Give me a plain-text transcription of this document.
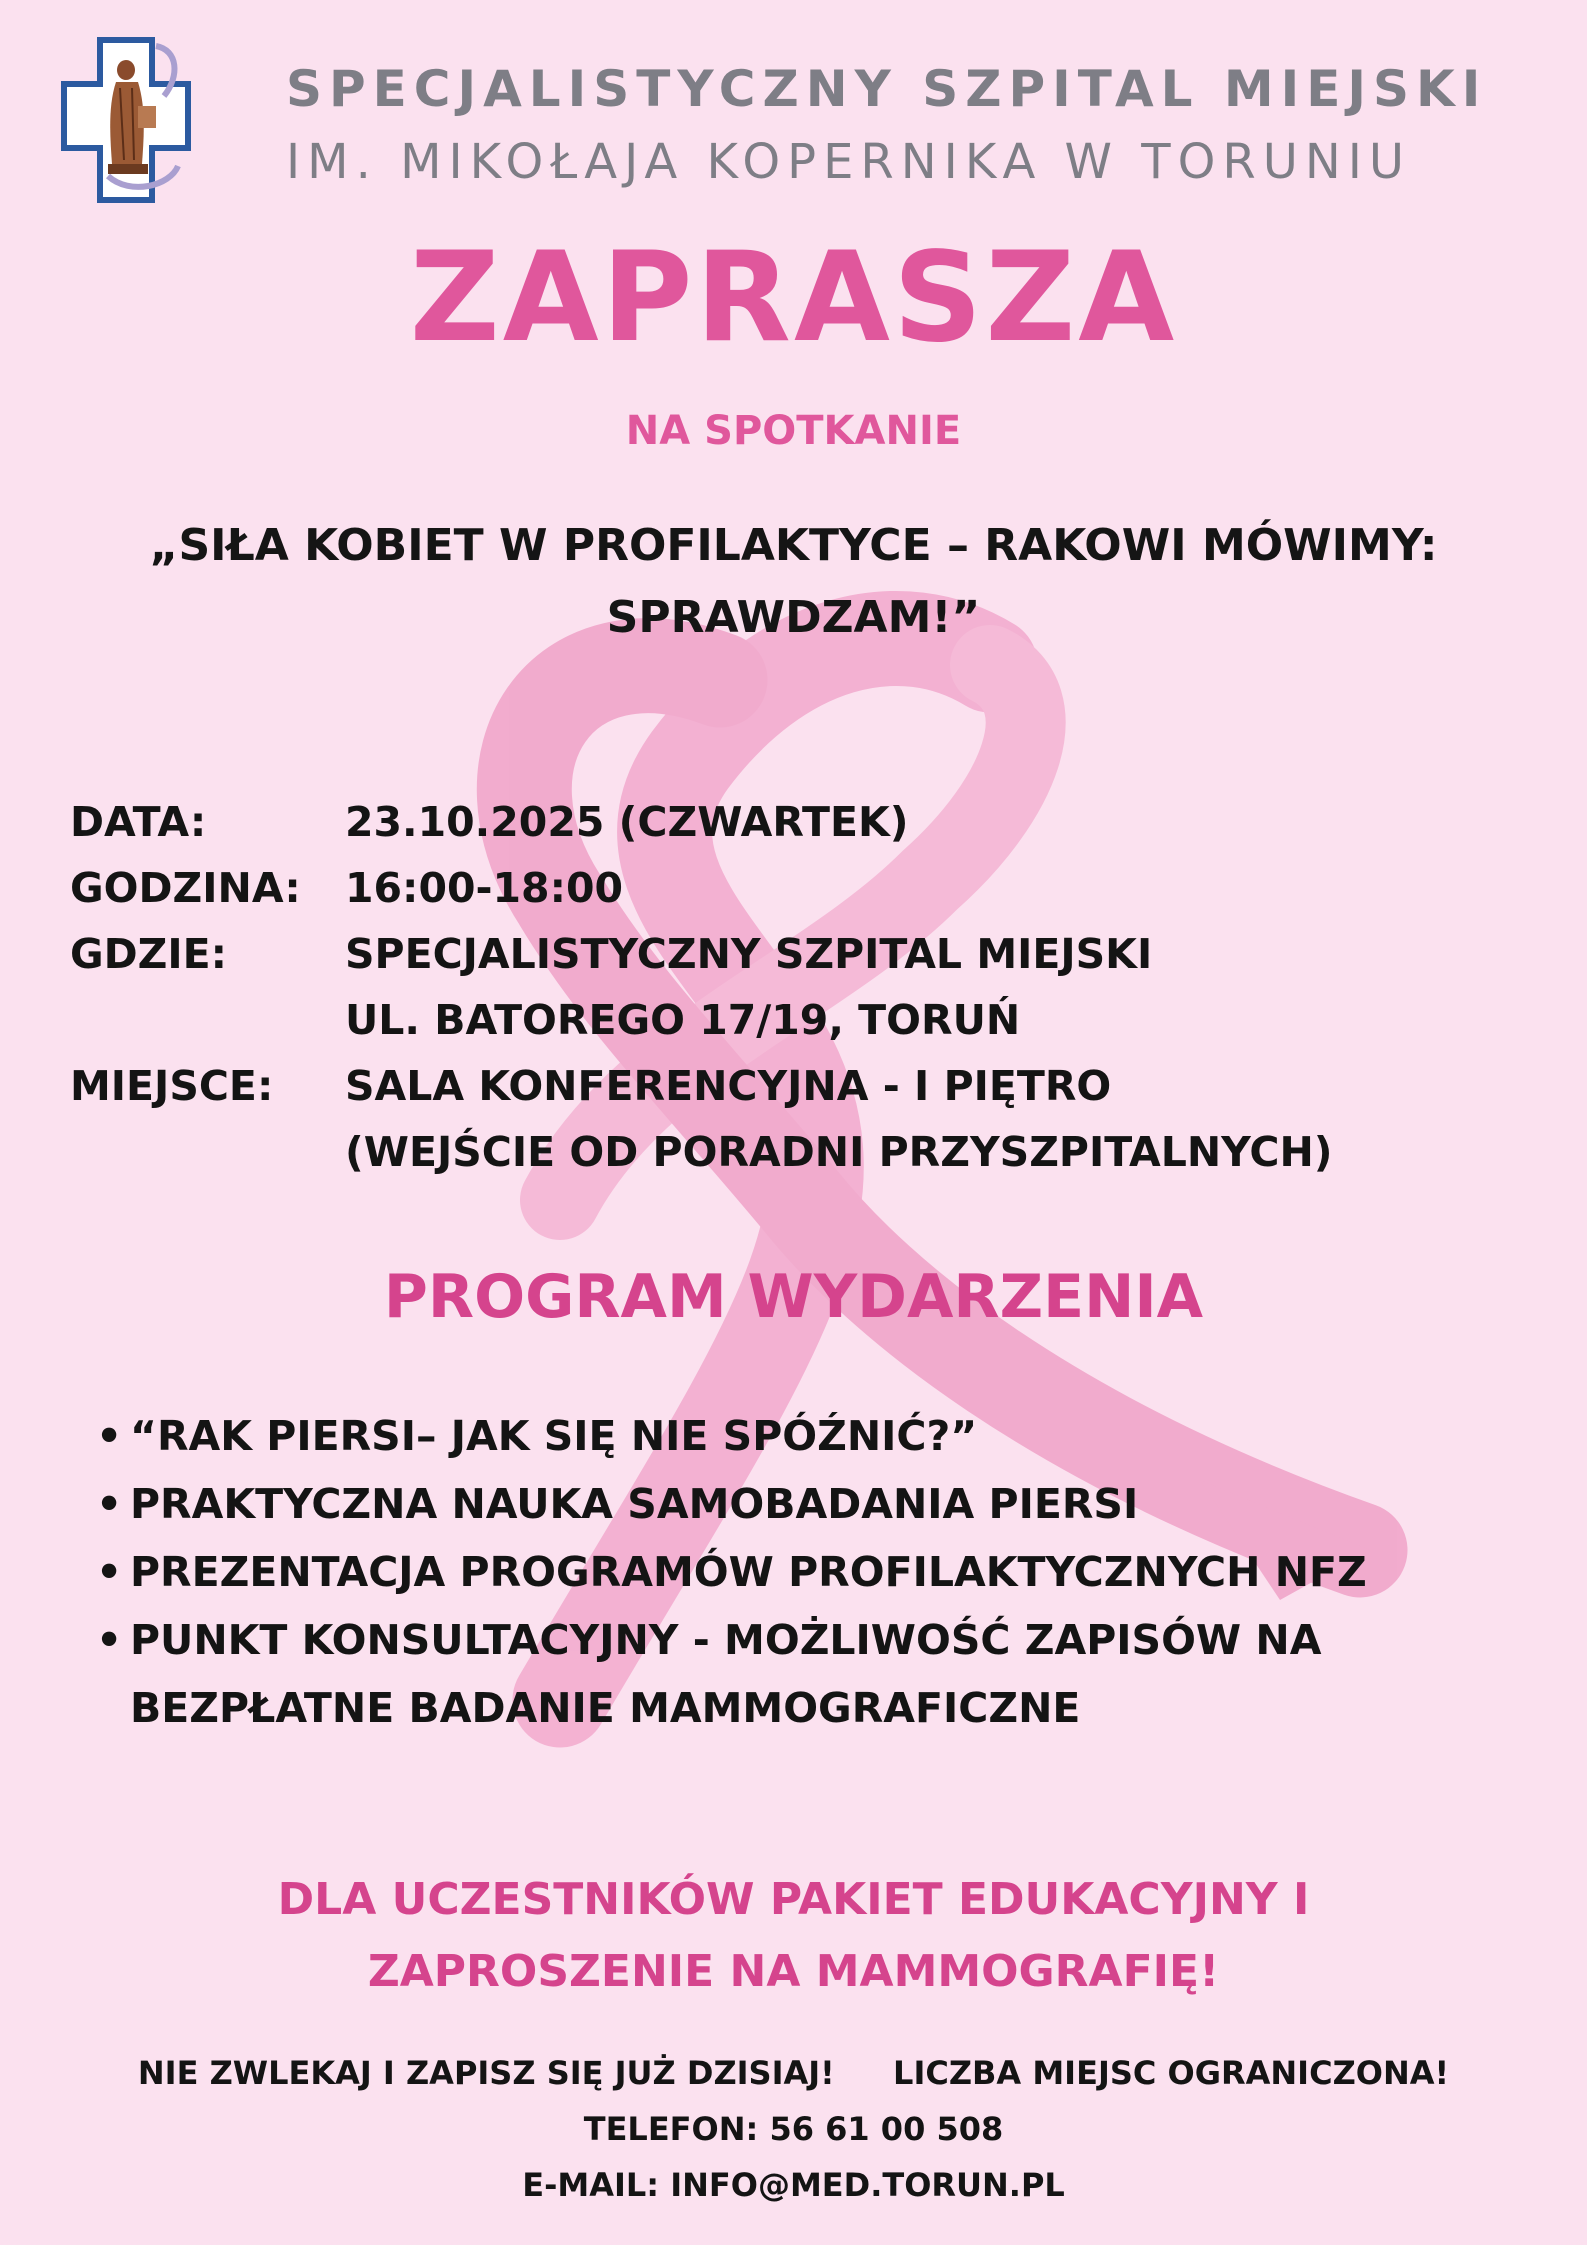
SPECJALISTYCZNY SZPITAL MIEJSKI
IM. MIKOŁAJA KOPERNIKA W TORUNIU
ZAPRASZA
NA SPOTKANIE
„SIŁA KOBIET W PROFILAKTYCE – RAKOWI MÓWIMY:
SPRAWDZAM!”
DATA:	23.10.2025 (CZWARTEK)
GODZINA: 16:00-18:00
GDZIE:	SPECJALISTYCZNY SZPITAL MIEJSKI
UL. BATOREGO 17/19, TORUŃ
MIEJSCE: SALA KONFERENCYJNA - I PIĘTRO
(WEJŚCIE OD PORADNI PRZYSZPITALNYCH)
PROGRAM WYDARZENIA
• “RAK PIERSI– JAK SIĘ NIE SPÓŹNIĆ?”
• PRAKTYCZNA NAUKA SAMOBADANIA PIERSI
• PREZENTACJA PROGRAMÓW PROFILAKTYCZNYCH NFZ
• PUNKT KONSULTACYJNY - MOŻLIWOŚĆ ZAPISÓW NA
BEZPŁATNE BADANIE MAMMOGRAFICZNE
DLA UCZESTNIKÓW PAKIET EDUKACYJNY I
ZAPROSZENIE NA MAMMOGRAFIĘ!
NIE ZWLEKAJ I ZAPISZ SIĘ JUŻ DZISIAJ! LICZBA MIEJSC OGRANICZONA!
TELEFON: 56 61 00 508
E-MAIL: INFO@MED.TORUN.PL
